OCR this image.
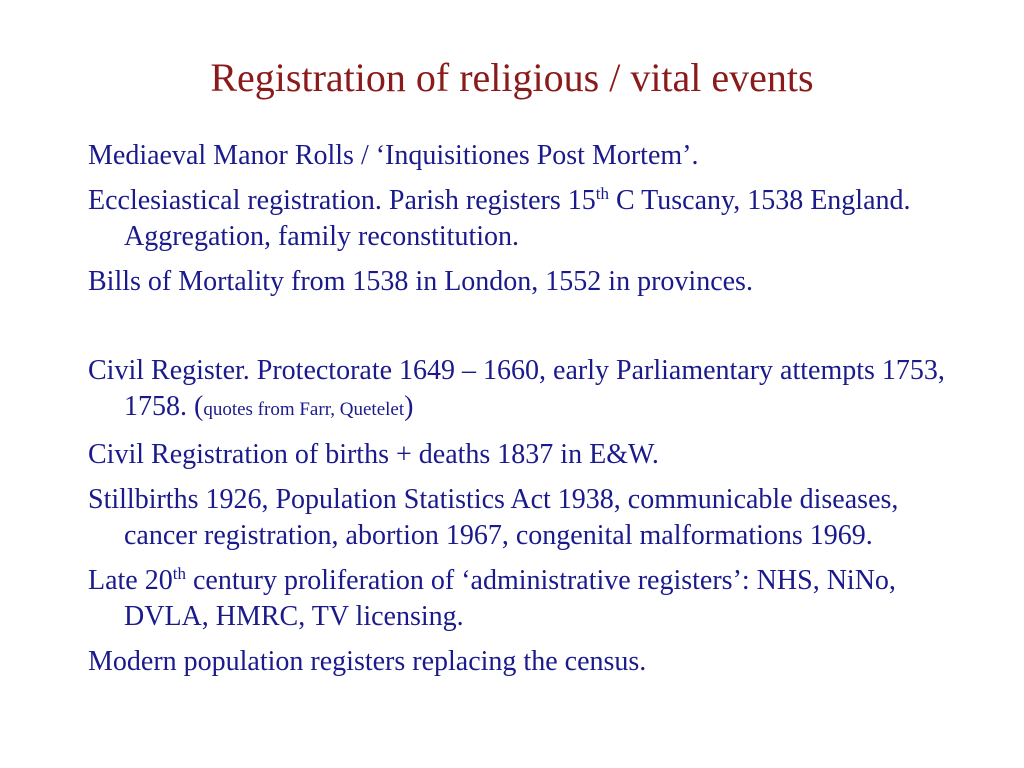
Registration of religious / vital events
Mediaeval Manor Rolls / ‘Inquisitiones Post Mortem’.
Ecclesiastical registration. Parish registers 15th C Tuscany, 1538 England. Aggregation, family reconstitution.
Bills of Mortality from 1538 in London, 1552 in provinces.
Civil Register. Protectorate 1649 – 1660, early Parliamentary attempts 1753, 1758. (quotes from Farr, Quetelet)
Civil Registration of births + deaths 1837 in E&W.
Stillbirths 1926, Population Statistics Act 1938, communicable diseases, cancer registration, abortion 1967, congenital malformations 1969.
Late 20th century proliferation of ‘administrative registers’: NHS, NiNo, DVLA, HMRC, TV licensing.
Modern population registers replacing the census.
